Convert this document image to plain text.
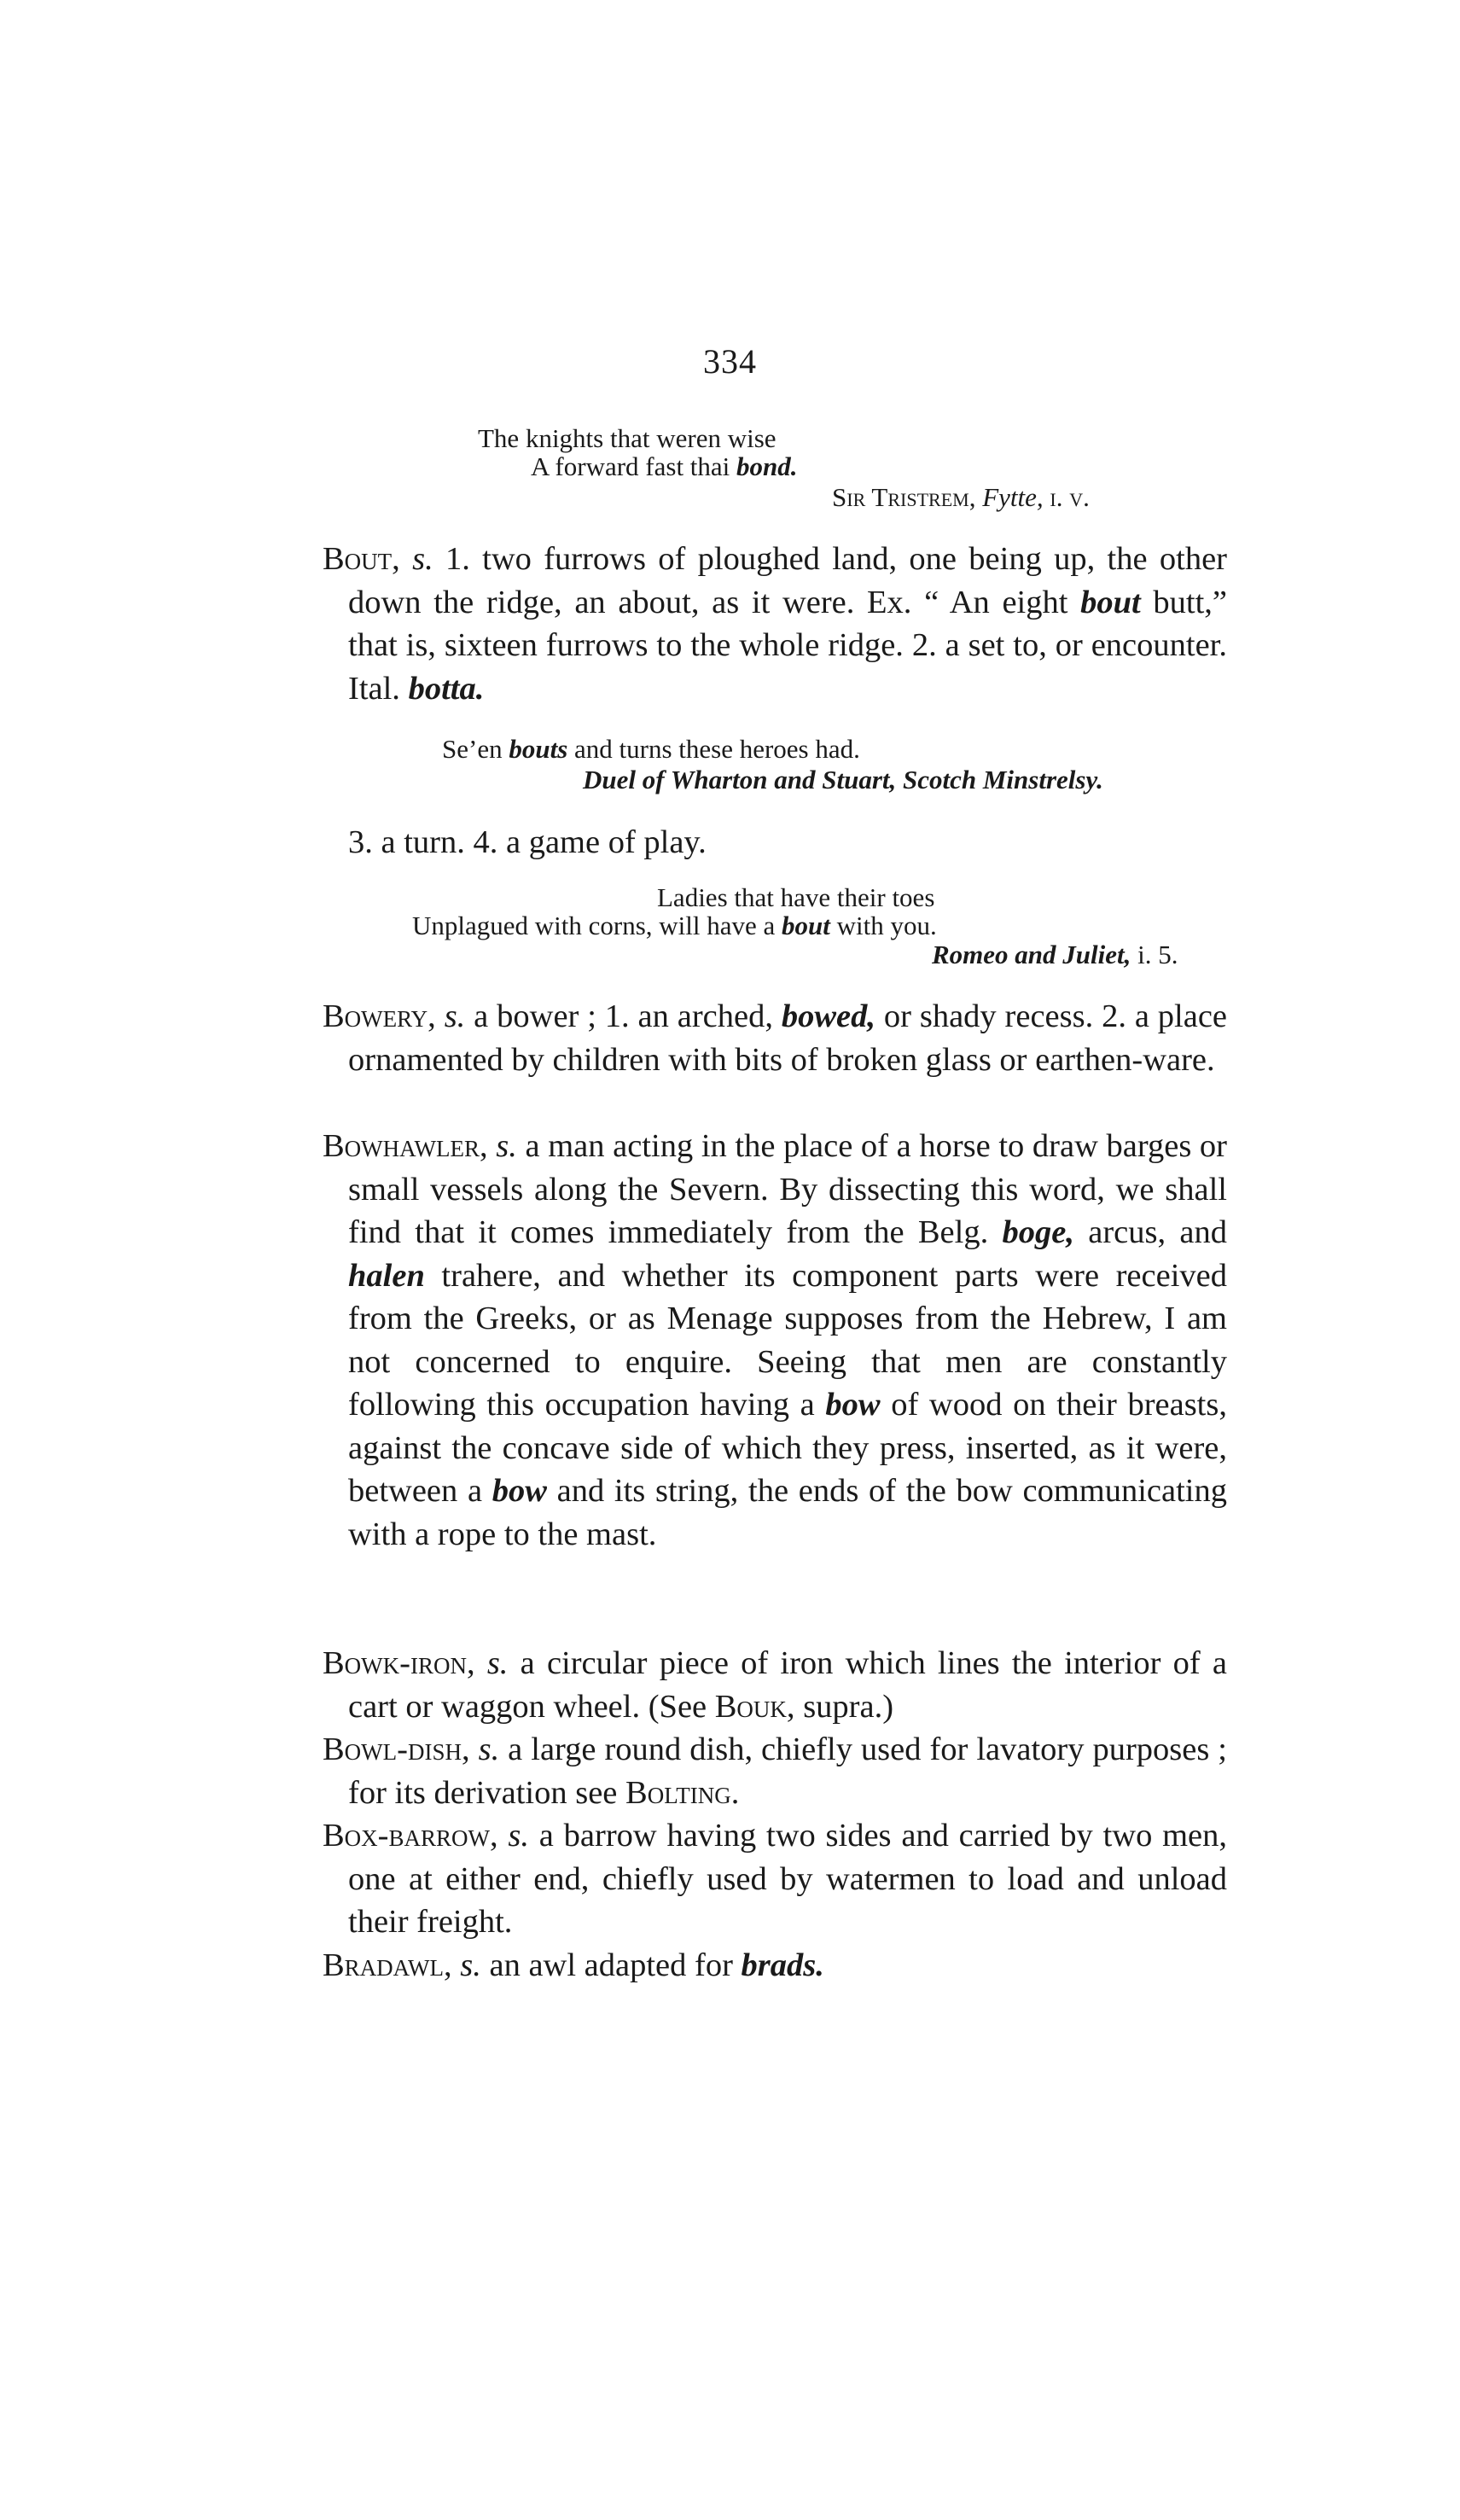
334
The knights that weren wise
A forward fast thai bond.
Sir Tristrem, Fytte, i. v.
Bout, s. 1. two furrows of ploughed land, one being up, the other down the ridge, an about, as it were. Ex. “ An eight bout butt,” that is, sixteen furrows to the whole ridge. 2. a set to, or encounter. Ital. botta.
Se’en bouts and turns these heroes had.
Duel of Wharton and Stuart, Scotch Minstrelsy.
3. a turn. 4. a game of play.
Ladies that have their toes
Unplagued with corns, will have a bout with you.
Romeo and Juliet, i. 5.
Bowery, s. a bower ; 1. an arched, bowed, or shady recess. 2. a place ornamented by children with bits of broken glass or earthen-ware.
Bowhawler, s. a man acting in the place of a horse to draw barges or small vessels along the Severn. By dissecting this word, we shall find that it comes immediately from the Belg. boge, arcus, and halen trahere, and whether its component parts were received from the Greeks, or as Menage supposes from the Hebrew, I am not concerned to enquire. Seeing that men are constantly following this occupation having a bow of wood on their breasts, against the concave side of which they press, inserted, as it were, between a bow and its string, the ends of the bow communicating with a rope to the mast.
Bowk-iron, s. a circular piece of iron which lines the interior of a cart or waggon wheel. (See Bouk, supra.)
Bowl-dish, s. a large round dish, chiefly used for lavatory purposes ; for its derivation see Bolting.
Box-barrow, s. a barrow having two sides and carried by two men, one at either end, chiefly used by watermen to load and unload their freight.
Bradawl, s. an awl adapted for brads.
